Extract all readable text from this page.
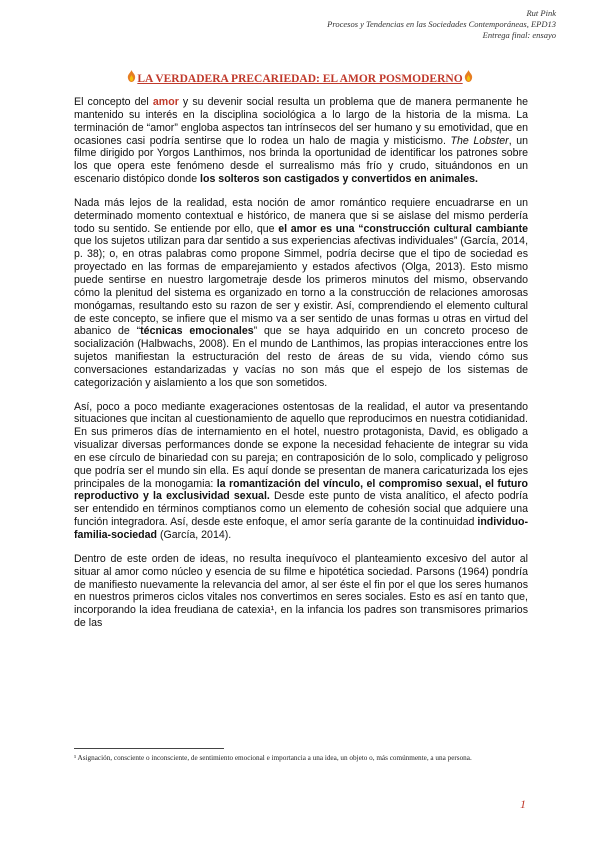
Rut Pink
Procesos y Tendencias en las Sociedades Contemporáneas, EPD13
Entrega final: ensayo
LA VERDADERA PRECARIEDAD: EL AMOR POSMODERNO

El concepto del amor y su devenir social resulta un problema que de manera permanente he mantenido su interés en la disciplina sociológica a lo largo de la historia de la misma. La terminación de “amor” engloba aspectos tan intrínsecos del ser humano y su emotividad, que en ocasiones casi podría sentirse que lo rodea un halo de magia y misticismo. The Lobster, un filme dirigido por Yorgos Lanthimos, nos brinda la oportunidad de identificar los patrones sobre los que opera este fenómeno desde el surrealismo más frío y crudo, situándonos en un escenario distópico donde los solteros son castigados y convertidos en animales.

Nada más lejos de la realidad, esta noción de amor romántico requiere encuadrarse en un determinado momento contextual e histórico, de manera que si se aislase del mismo perdería todo su sentido. Se entiende por ello, que el amor es una “construcción cultural cambiante que los sujetos utilizan para dar sentido a sus experiencias afectivas individuales” (García, 2014, p. 38); o, en otras palabras como propone Simmel, podría decirse que el tipo de sociedad es proyectado en las formas de emparejamiento y estados afectivos (Olga, 2013). Esto mismo puede sentirse en nuestro largometraje desde los primeros minutos del mismo, observando cómo la plenitud del sistema es organizado en torno a la construcción de relaciones amorosas monógamas, resultando esto su razon de ser y existir. Así, comprendiendo el elemento cultural de este concepto, se infiere que el mismo va a ser sentido de unas formas u otras en virtud del abanico de “técnicas emocionales” que se haya adquirido en un concreto proceso de socialización (Halbwachs, 2008). En el mundo de Lanthimos, las propias interacciones entre los sujetos manifiestan la estructuración del resto de áreas de su vida, viendo cómo sus conversaciones estandarizadas y vacías no son más que el espejo de los sistemas de categorización y aislamiento a los que son sometidos.

Así, poco a poco mediante exageraciones ostentosas de la realidad, el autor va presentando situaciones que incitan al cuestionamiento de aquello que reproducimos en nuestra cotidianidad. En sus primeros días de internamiento en el hotel, nuestro protagonista, David, es obligado a visualizar diversas performances donde se expone la necesidad fehaciente de integrar su vida en ese círculo de binariedad con su pareja; en contraposición de lo solo, complicado y peligroso que podría ser el mundo sin ella. Es aquí donde se presentan de manera caricaturizada los ejes principales de la monogamia: la romantización del vínculo, el compromiso sexual, el futuro reproductivo y la exclusividad sexual. Desde este punto de vista analítico, el afecto podría ser entendido en términos comptianos como un elemento de cohesión social que adquiere una función integradora. Así, desde este enfoque, el amor sería garante de la continuidad individuo-familia-sociedad (García, 2014).

Dentro de este orden de ideas, no resulta inequívoco el planteamiento excesivo del autor al situar al amor como núcleo y esencia de su filme e hipotética sociedad. Parsons (1964) pondría de manifiesto nuevamente la relevancia del amor, al ser éste el fin por el que los seres humanos en nuestros primeros ciclos vitales nos convertimos en seres sociales. Esto es así en tanto que, incorporando la idea freudiana de catexia¹, en la infancia los padres son transmisores primarios de las

¹ Asignación, consciente o inconsciente, de sentimiento emocional e importancia a una idea, un objeto o, más comúnmente, a una persona.
1
